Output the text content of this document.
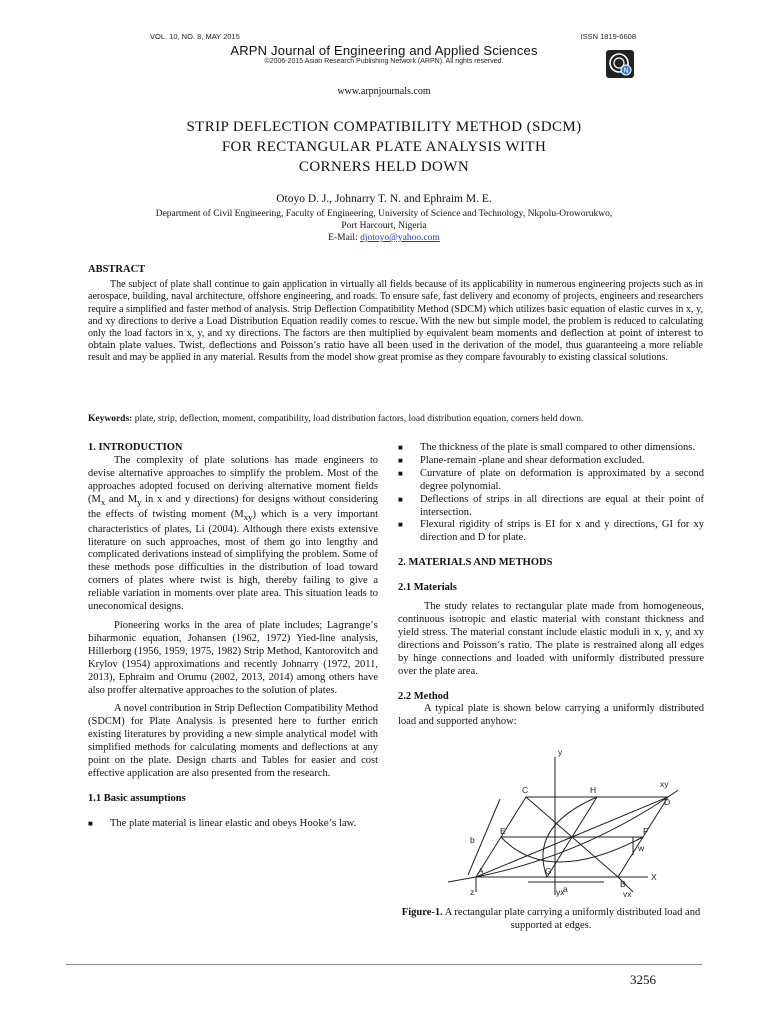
VOL. 10, NO. 8, MAY 2015	ISSN 1819-6608
ARPN Journal of Engineering and Applied Sciences
©2006-2015 Asian Research Publishing Network (ARPN). All rights reserved.
N
www.arpnjournals.com
STRIP DEFLECTION COMPATIBILITY METHOD (SDCM)
FOR RECTANGULAR PLATE ANALYSIS WITH
CORNERS HELD DOWN
Otoyo D. J., Johnarry T. N. and Ephraim M. E.
Department of Civil Engineering, Faculty of Engineering, University of Science and Technology, Nkpolu-Oroworukwo,
Port Harcourt, Nigeria
E-Mail: djotoyo@yahoo.com
ABSTRACT
The subject of plate shall continue to gain application in virtually all fields because of its applicability in numerous engineering projects such as in aerospace, building, naval architecture, offshore engineering, and roads. To ensure safe, fast delivery and economy of projects, engineers and researchers require a simplified and faster method of analysis. Strip Deflection Compatibility Method (SDCM) which utilizes basic equation of elastic curves in x, y, and xy directions to derive a Load Distribution Equation readily comes to rescue. With the new but simple model, the problem is reduced to calculating only the load factors in x, y, and xy directions. The factors are then multiplied by equivalent beam moments and deflection at point of interest to obtain plate values. Twist, deflections and Poisson’s ratio have all been used in the derivation of the model, thus guaranteeing a more reliable result and may be applied in any material. Results from the model show great promise as they compare favourably to existing classical solutions.
Keywords: plate, strip, deflection, moment, compatibility, load distribution factors, load distribution equation, corners held down.
1. INTRODUCTION

The complexity of plate solutions has made engineers to devise alternative approaches to simplify the problem. Most of the approaches adopted focused on deriving alternative moment fields ($M_x$ and $M_y$ in x and y directions) for designs without considering the effects of twisting moment $(M_{xy})$ which is a very important characteristics of plates, Li (2004). Although there exists extensive literature on such approaches, most of them go into lengthy and complicated derivations instead of simplifying the problem. Some of these methods pose difficulties in the distribution of load toward corners of plates where twist is high, thereby failing to give a reliable variation in moments over plate area. This situation leads to uneconomical designs.

Pioneering works in the area of plate includes; Lagrange’s biharmonic equation, Johansen (1962, 1972) Yied-line analysis, Hillerborg (1956, 1959, 1975, 1982) Strip Method, Kantorovitch and Krylov (1954) approximations and recently Johnarry (1972, 2011, 2013), Ephraim and Orumu (2002, 2013, 2014) among others have also proffer alternative approaches to the solution of plates.

A novel contribution in Strip Deflection Compatibility Method (SDCM) for Plate Analysis is presented here to further enrich existing literatures by providing a new simple analytical model with simplified methods for calculating moments and deflections at any point on the plate. Design charts and Tables for easier and cost effective application are also presented from the research.

1.1 Basic assumptions
■ The plate material is linear elastic and obeys Hooke’s law.
■ The thickness of the plate is small compared to other dimensions.
■ Plane-remain -plane and shear deformation excluded.
■ Curvature of plate on deformation is approximated by a second degree polynomial.
■ Deflections of strips in all directions are equal at their point of intersection.
■ Flexural rigidity of strips is EI for x and y directions, GI for xy direction and D for plate.
2. MATERIALS AND METHODS
2.1 Materials

The study relates to rectangular plate made from homogeneous, continuous isotropic and elastic material with constant thickness and yield stress. The material constant include elastic moduli in x, y, and xy directions and Poisson’s ratio. The plate is restrained along all edges by hinge connections and loaded with uniformly distributed pressure over the plate area.

2.2 Method

A typical plate is shown below carrying a uniformly distributed load and supported anyhow:

y
xy
C	H
D
b
E	F
w
A	G
B
X
a
z	yx
yx
Figure-1. A rectangular plate carrying a uniformly distributed load and supported at edges.
3256
